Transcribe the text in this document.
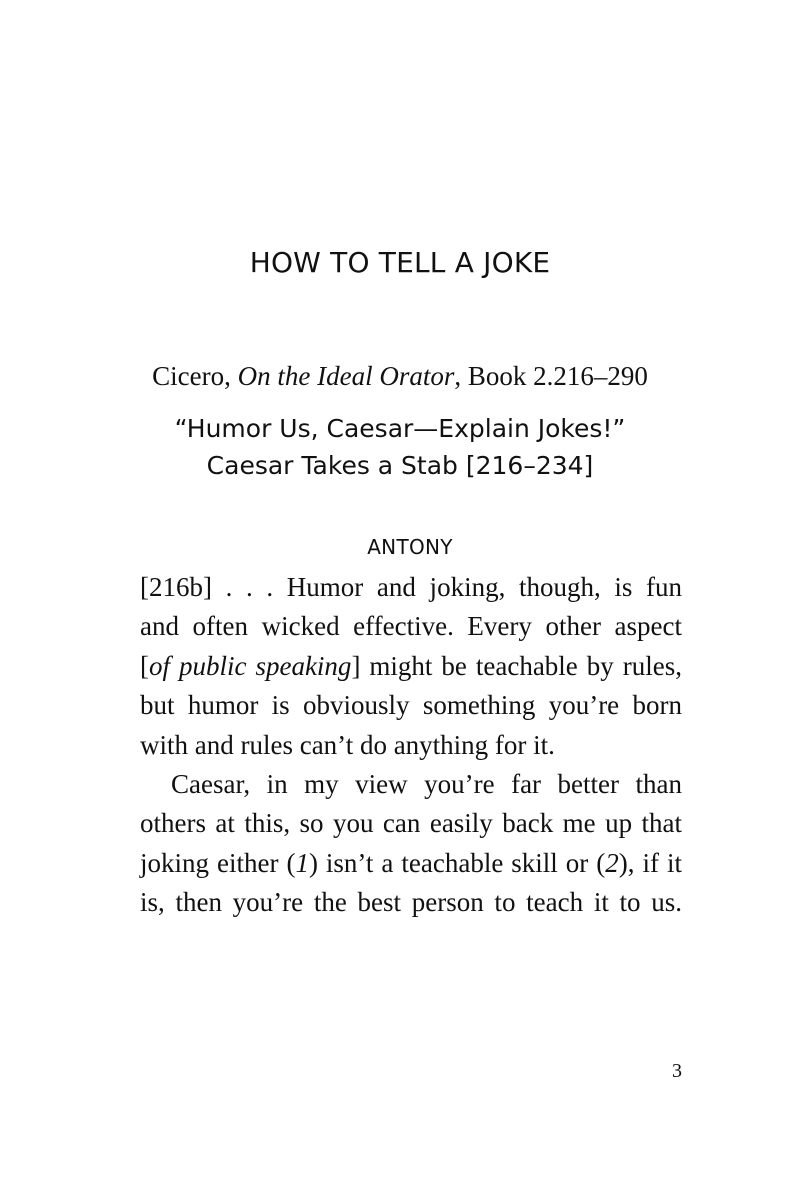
HOW TO TELL A JOKE
Cicero, On the Ideal Orator, Book 2.216–290
“Humor Us, Caesar—Explain Jokes!”
Caesar Takes a Stab [216–234]
ANTONY
[216b] . . . Humor and joking, though, is fun
and often wicked effective. Every other aspect
[of public speaking] might be teachable by rules,
but humor is obviously something you’re born
with and rules can’t do anything for it.
Caesar, in my view you’re far better than
others at this, so you can easily back me up that
joking either (1) isn’t a teachable skill or (2), if it
is, then you’re the best person to teach it to us.
3
